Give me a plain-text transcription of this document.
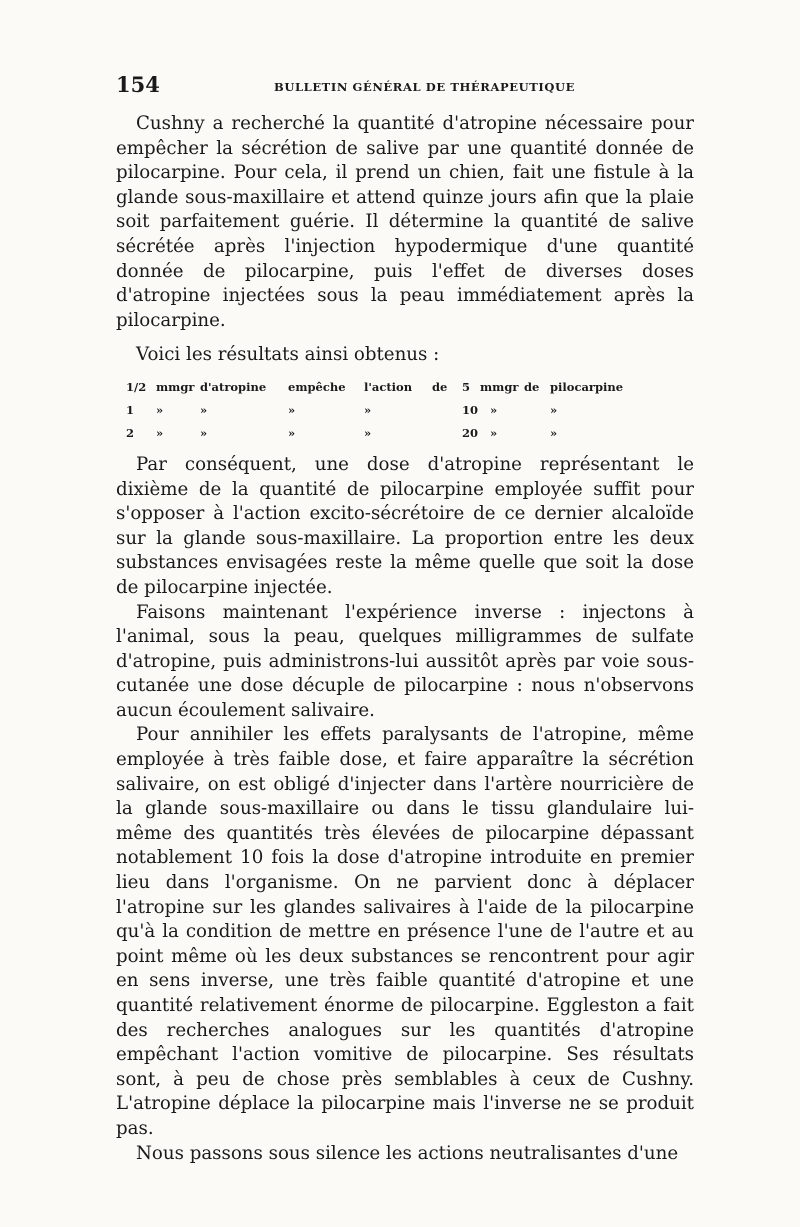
154	BULLETIN GÉNÉRAL DE THÉRAPEUTIQUE

Cushny a recherché la quantité d'atropine nécessaire pour empêcher la sécrétion de salive par une quantité donnée de pilocarpine. Pour cela, il prend un chien, fait une fistule à la glande sous-maxillaire et attend quinze jours afin que la plaie soit parfaitement guérie. Il détermine la quantité de salive sécrétée après l'injection hypodermique d'une quantité donnée de pilocarpine, puis l'effet de diverses doses d'atropine injectées sous la peau immédiatement après la pilocarpine.

Voici les résultats ainsi obtenus :

1/2 mmgr d'atropine	empêche	l'action	de	5 mmgr de pilocarpine
1	»	»	»	»	10	»	»
2	»	»	»	»	20	»	»

Par conséquent, une dose d'atropine représentant le dixième de la quantité de pilocarpine employée suffit pour s'opposer à l'action excito-sécrétoire de ce dernier alcaloïde sur la glande sous-maxillaire. La proportion entre les deux substances envisagées reste la même quelle que soit la dose de pilocarpine injectée.

Faisons maintenant l'expérience inverse : injectons à l'animal, sous la peau, quelques milligrammes de sulfate d'atropine, puis administrons-lui aussitôt après par voie sous-cutanée une dose décuple de pilocarpine : nous n'observons aucun écoulement salivaire.

Pour annihiler les effets paralysants de l'atropine, même employée à très faible dose, et faire apparaître la sécrétion salivaire, on est obligé d'injecter dans l'artère nourricière de la glande sous-maxillaire ou dans le tissu glandulaire lui-même des quantités très élevées de pilocarpine dépassant notablement 10 fois la dose d'atropine introduite en premier lieu dans l'organisme. On ne parvient donc à déplacer l'atropine sur les glandes salivaires à l'aide de la pilocarpine qu'à la condition de mettre en présence l'une de l'autre et au point même où les deux substances se rencontrent pour agir en sens inverse, une très faible quantité d'atropine et une quantité relativement énorme de pilocarpine. Eggleston a fait des recherches analogues sur les quantités d'atropine empêchant l'action vomitive de pilocarpine. Ses résultats sont, à peu de chose près semblables à ceux de Cushny. L'atropine déplace la pilocarpine mais l'inverse ne se produit pas.

Nous passons sous silence les actions neutralisantes d'une
